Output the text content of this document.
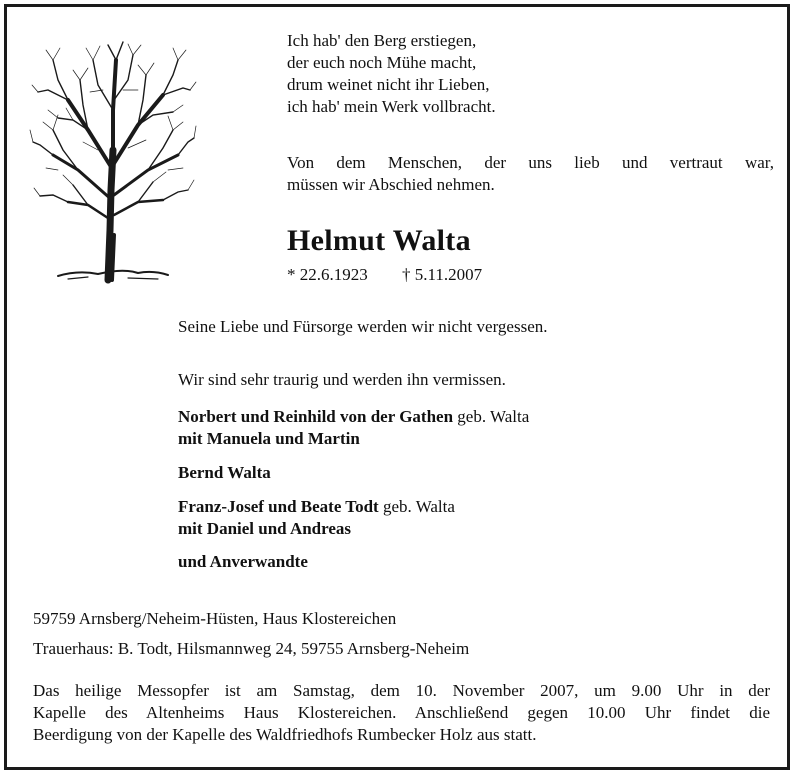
Ich hab' den Berg erstiegen,
der euch noch Mühe macht,
drum weinet nicht ihr Lieben,
ich hab' mein Werk vollbracht.
Von dem Menschen, der uns lieb und vertraut war,
müssen wir Abschied nehmen.
Helmut Walta
* 22.6.1923 † 5.11.2007
Seine Liebe und Fürsorge werden wir nicht vergessen.
Wir sind sehr traurig und werden ihn vermissen.
Norbert und Reinhild von der Gathen geb. Walta
mit Manuela und Martin
Bernd Walta
Franz-Josef und Beate Todt geb. Walta
mit Daniel und Andreas
und Anverwandte
59759 Arnsberg/Neheim-Hüsten, Haus Klostereichen
Trauerhaus: B. Todt, Hilsmannweg 24, 59755 Arnsberg-Neheim
Das heilige Messopfer ist am Samstag, dem 10. November 2007, um 9.00 Uhr in der
Kapelle des Altenheims Haus Klostereichen. Anschließend gegen 10.00 Uhr findet die
Beerdigung von der Kapelle des Waldfriedhofs Rumbecker Holz aus statt.
